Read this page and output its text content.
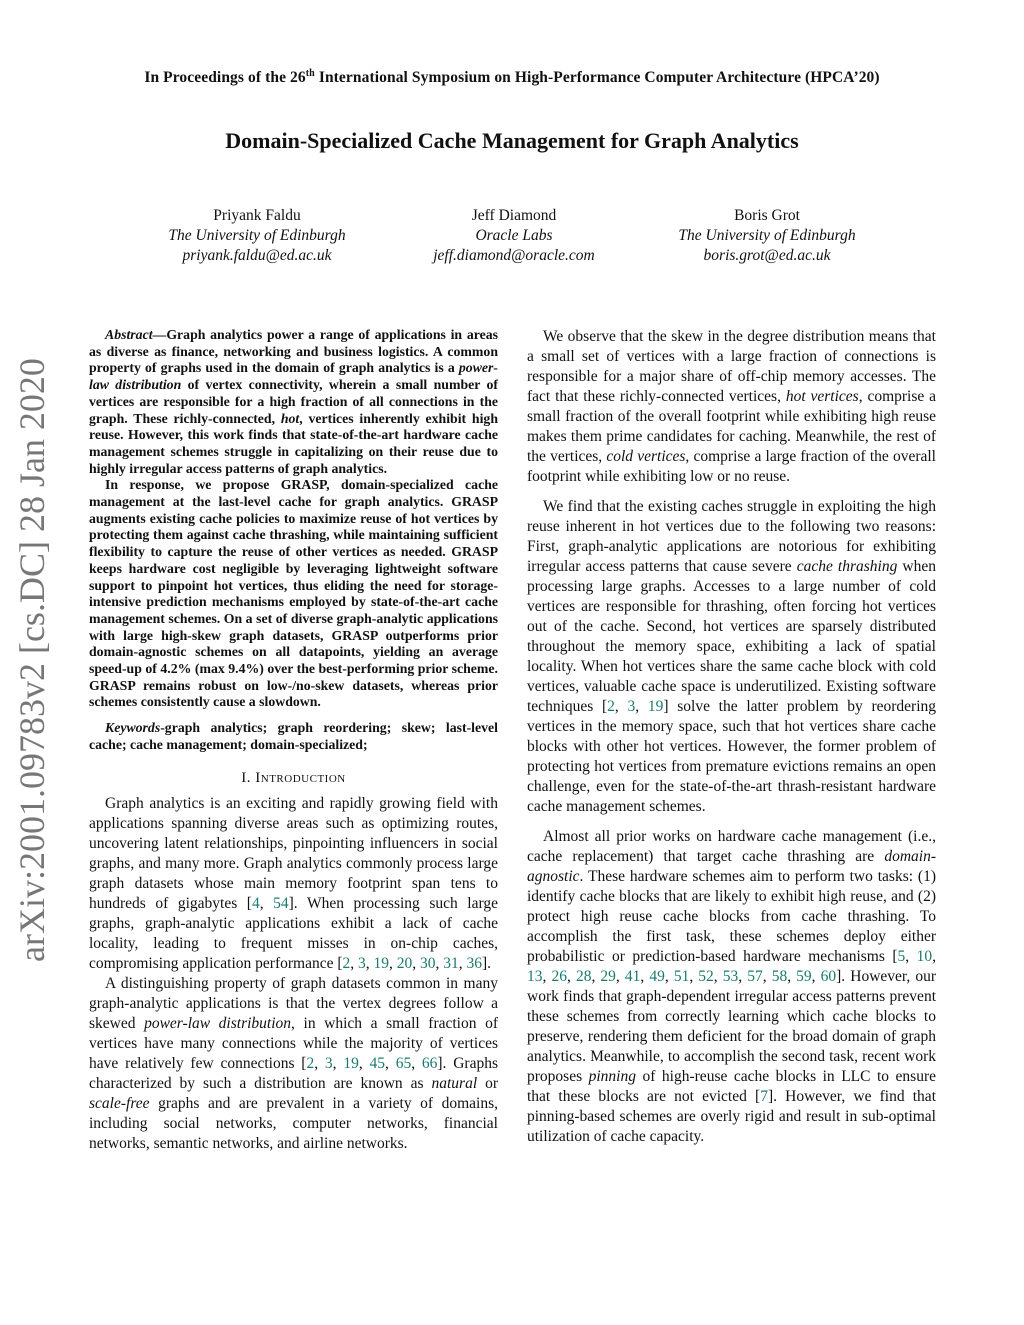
In Proceedings of the 26th International Symposium on High-Performance Computer Architecture (HPCA’20)
Domain-Specialized Cache Management for Graph Analytics
Priyank Faldu
The University of Edinburgh
priyank.faldu@ed.ac.uk
Jeff Diamond
Oracle Labs
jeff.diamond@oracle.com
Boris Grot
The University of Edinburgh
boris.grot@ed.ac.uk
arXiv:2001.09783v2 [cs.DC] 28 Jan 2020

Abstract—Graph analytics power a range of applications in areas as diverse as finance, networking and business logistics. A common property of graphs used in the domain of graph analytics is a power-law distribution of vertex connectivity, wherein a small number of vertices are responsible for a high fraction of all connections in the graph. These richly-connected, hot, vertices inherently exhibit high reuse. However, this work finds that state-of-the-art hardware cache management schemes struggle in capitalizing on their reuse due to highly irregular access patterns of graph analytics.

In response, we propose GRASP, domain-specialized cache management at the last-level cache for graph analytics. GRASP augments existing cache policies to maximize reuse of hot vertices by protecting them against cache thrashing, while maintaining sufficient flexibility to capture the reuse of other vertices as needed. GRASP keeps hardware cost negligible by leveraging lightweight software support to pinpoint hot vertices, thus eliding the need for storage-intensive prediction mechanisms employed by state-of-the-art cache management schemes. On a set of diverse graph-analytic applications with large high-skew graph datasets, GRASP outperforms prior domain-agnostic schemes on all datapoints, yielding an average speed-up of 4.2% (max 9.4%) over the best-performing prior scheme. GRASP remains robust on low-/no-skew datasets, whereas prior schemes consistently cause a slowdown.

Keywords-graph analytics; graph reordering; skew; last-level cache; cache management; domain-specialized;

I. Introduction

Graph analytics is an exciting and rapidly growing field with applications spanning diverse areas such as optimizing routes, uncovering latent relationships, pinpointing influencers in social graphs, and many more. Graph analytics commonly process large graph datasets whose main memory footprint span tens to hundreds of gigabytes [4, 54]. When processing such large graphs, graph-analytic applications exhibit a lack of cache locality, leading to frequent misses in on-chip caches, compromising application performance [2, 3, 19, 20, 30, 31, 36].

A distinguishing property of graph datasets common in many graph-analytic applications is that the vertex degrees follow a skewed power-law distribution, in which a small fraction of vertices have many connections while the majority of vertices have relatively few connections [2, 3, 19, 45, 65, 66]. Graphs characterized by such a distribution are known as natural or scale-free graphs and are prevalent in a variety of domains, including social networks, computer networks, financial networks, semantic networks, and airline networks.

We observe that the skew in the degree distribution means that a small set of vertices with a large fraction of connections is responsible for a major share of off-chip memory accesses. The fact that these richly-connected vertices, hot vertices, comprise a small fraction of the overall footprint while exhibiting high reuse makes them prime candidates for caching. Meanwhile, the rest of the vertices, cold vertices, comprise a large fraction of the overall footprint while exhibiting low or no reuse.

We find that the existing caches struggle in exploiting the high reuse inherent in hot vertices due to the following two reasons: First, graph-analytic applications are notorious for exhibiting irregular access patterns that cause severe cache thrashing when processing large graphs. Accesses to a large number of cold vertices are responsible for thrashing, often forcing hot vertices out of the cache. Second, hot vertices are sparsely distributed throughout the memory space, exhibiting a lack of spatial locality. When hot vertices share the same cache block with cold vertices, valuable cache space is underutilized. Existing software techniques [2, 3, 19] solve the latter problem by reordering vertices in the memory space, such that hot vertices share cache blocks with other hot vertices. However, the former problem of protecting hot vertices from premature evictions remains an open challenge, even for the state-of-the-art thrash-resistant hardware cache management schemes.

Almost all prior works on hardware cache management (i.e., cache replacement) that target cache thrashing are domain-agnostic. These hardware schemes aim to perform two tasks: (1) identify cache blocks that are likely to exhibit high reuse, and (2) protect high reuse cache blocks from cache thrashing. To accomplish the first task, these schemes deploy either probabilistic or prediction-based hardware mechanisms [5, 10, 13, 26, 28, 29, 41, 49, 51, 52, 53, 57, 58, 59, 60]. However, our work finds that graph-dependent irregular access patterns prevent these schemes from correctly learning which cache blocks to preserve, rendering them deficient for the broad domain of graph analytics. Meanwhile, to accomplish the second task, recent work proposes pinning of high-reuse cache blocks in LLC to ensure that these blocks are not evicted [7]. However, we find that pinning-based schemes are overly rigid and result in sub-optimal utilization of cache capacity.
